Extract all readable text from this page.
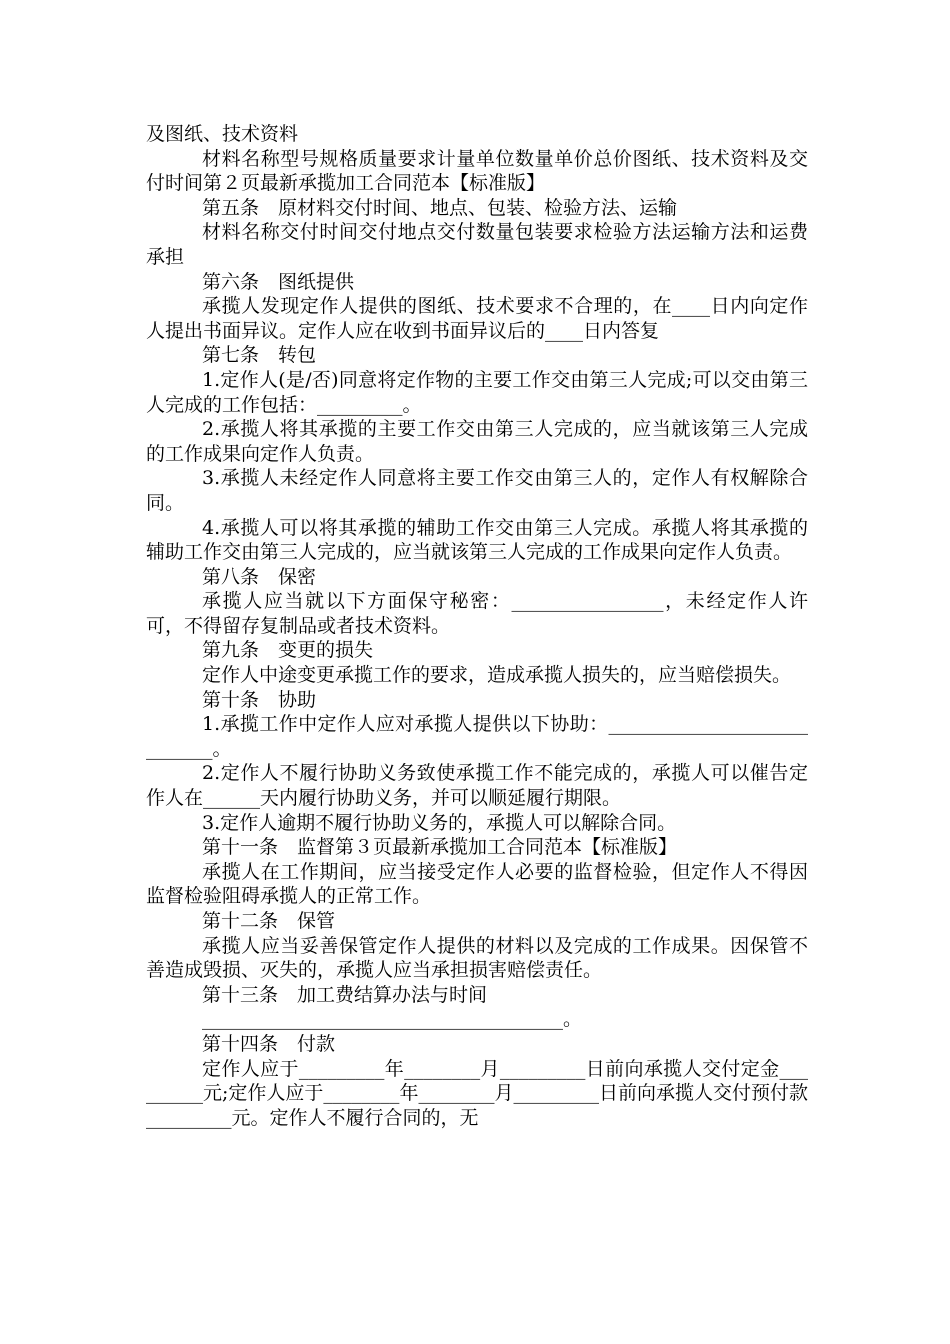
及图纸、技术资料

材料名称型号规格质量要求计量单位数量单价总价图纸、技术资料及交付时间第２页最新承揽加工合同范本【标准版】

第五条　原材料交付时间、地点、包装、检验方法、运输

材料名称交付时间交付地点交付数量包装要求检验方法运输方法和运费承担

第六条　图纸提供

承揽人发现定作人提供的图纸、技术要求不合理的，在____日内向定作人提出书面异议。定作人应在收到书面异议后的____日内答复

第七条　转包

1.定作人(是/否)同意将定作物的主要工作交由第三人完成;可以交由第三人完成的工作包括：_________。

2.承揽人将其承揽的主要工作交由第三人完成的，应当就该第三人完成的工作成果向定作人负责。

3.承揽人未经定作人同意将主要工作交由第三人的，定作人有权解除合同。

4.承揽人可以将其承揽的辅助工作交由第三人完成。承揽人将其承揽的辅助工作交由第三人完成的，应当就该第三人完成的工作成果向定作人负责。

第八条　保密

承揽人应当就以下方面保守秘密：________________，未经定作人许可，不得留存复制品或者技术资料。

第九条　变更的损失

定作人中途变更承揽工作的要求，造成承揽人损失的，应当赔偿损失。

第十条　协助

1.承揽工作中定作人应对承揽人提供以下协助：____________________________。

2.定作人不履行协助义务致使承揽工作不能完成的，承揽人可以催告定作人在______天内履行协助义务，并可以顺延履行期限。

3.定作人逾期不履行协助义务的，承揽人可以解除合同。

第十一条　监督第３页最新承揽加工合同范本【标准版】

承揽人在工作期间，应当接受定作人必要的监督检验，但定作人不得因监督检验阻碍承揽人的正常工作。

第十二条　保管

承揽人应当妥善保管定作人提供的材料以及完成的工作成果。因保管不善造成毁损、灭失的，承揽人应当承担损害赔偿责任。

第十三条　加工费结算办法与时间

______________________________________。

第十四条　付款

定作人应于_________年________月_________日前向承揽人交付定金_________元;定作人应于________年________月_________日前向承揽人交付预付款_________元。定作人不履行合同的，无
